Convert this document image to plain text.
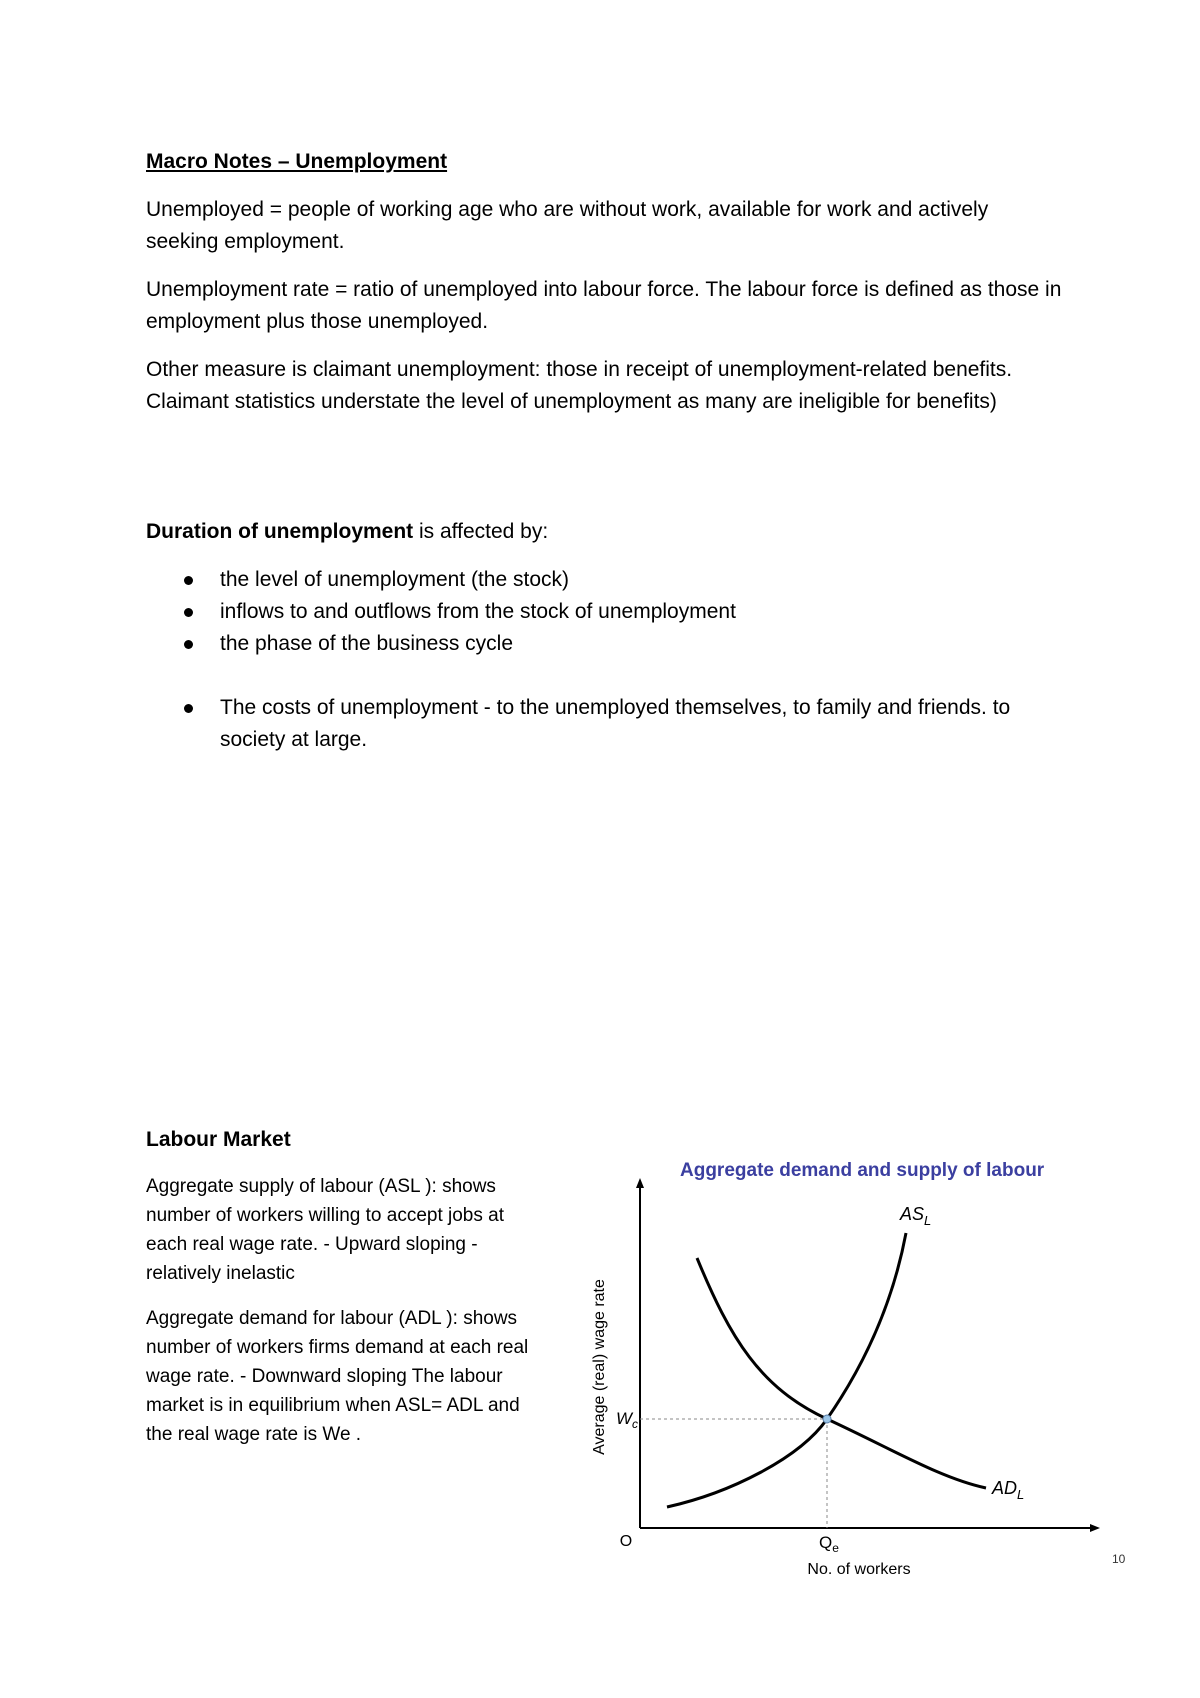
Macro Notes – Unemployment

Unemployed = people of working age who are without work, available for work and actively seeking employment.

Unemployment rate = ratio of unemployed into labour force. The labour force is defined as those in employment plus those unemployed.

Other measure is claimant unemployment: those in receipt of unemployment-related benefits. Claimant statistics understate the level of unemployment as many are ineligible for benefits)

Duration of unemployment is affected by:
the level of unemployment (the stock)
inflows to and outflows from the stock of unemployment
the phase of the business cycle
The costs of unemployment - to the unemployed themselves, to family and friends. to society at large.
Labour Market
Aggregate supply of labour (ASL ): shows number of workers willing to accept jobs at each real wage rate. - Upward sloping - relatively inelastic
Aggregate demand for labour (ADL ): shows number of workers firms demand at each real wage rate. - Downward sloping The labour market is in equilibrium when ASL= ADL and the real wage rate is We .
Aggregate demand and supply of labour
Average (real) wage rate
No. of workers
O
$AS_L$
$AD_L$
$W_c$
$Q_e$
10
